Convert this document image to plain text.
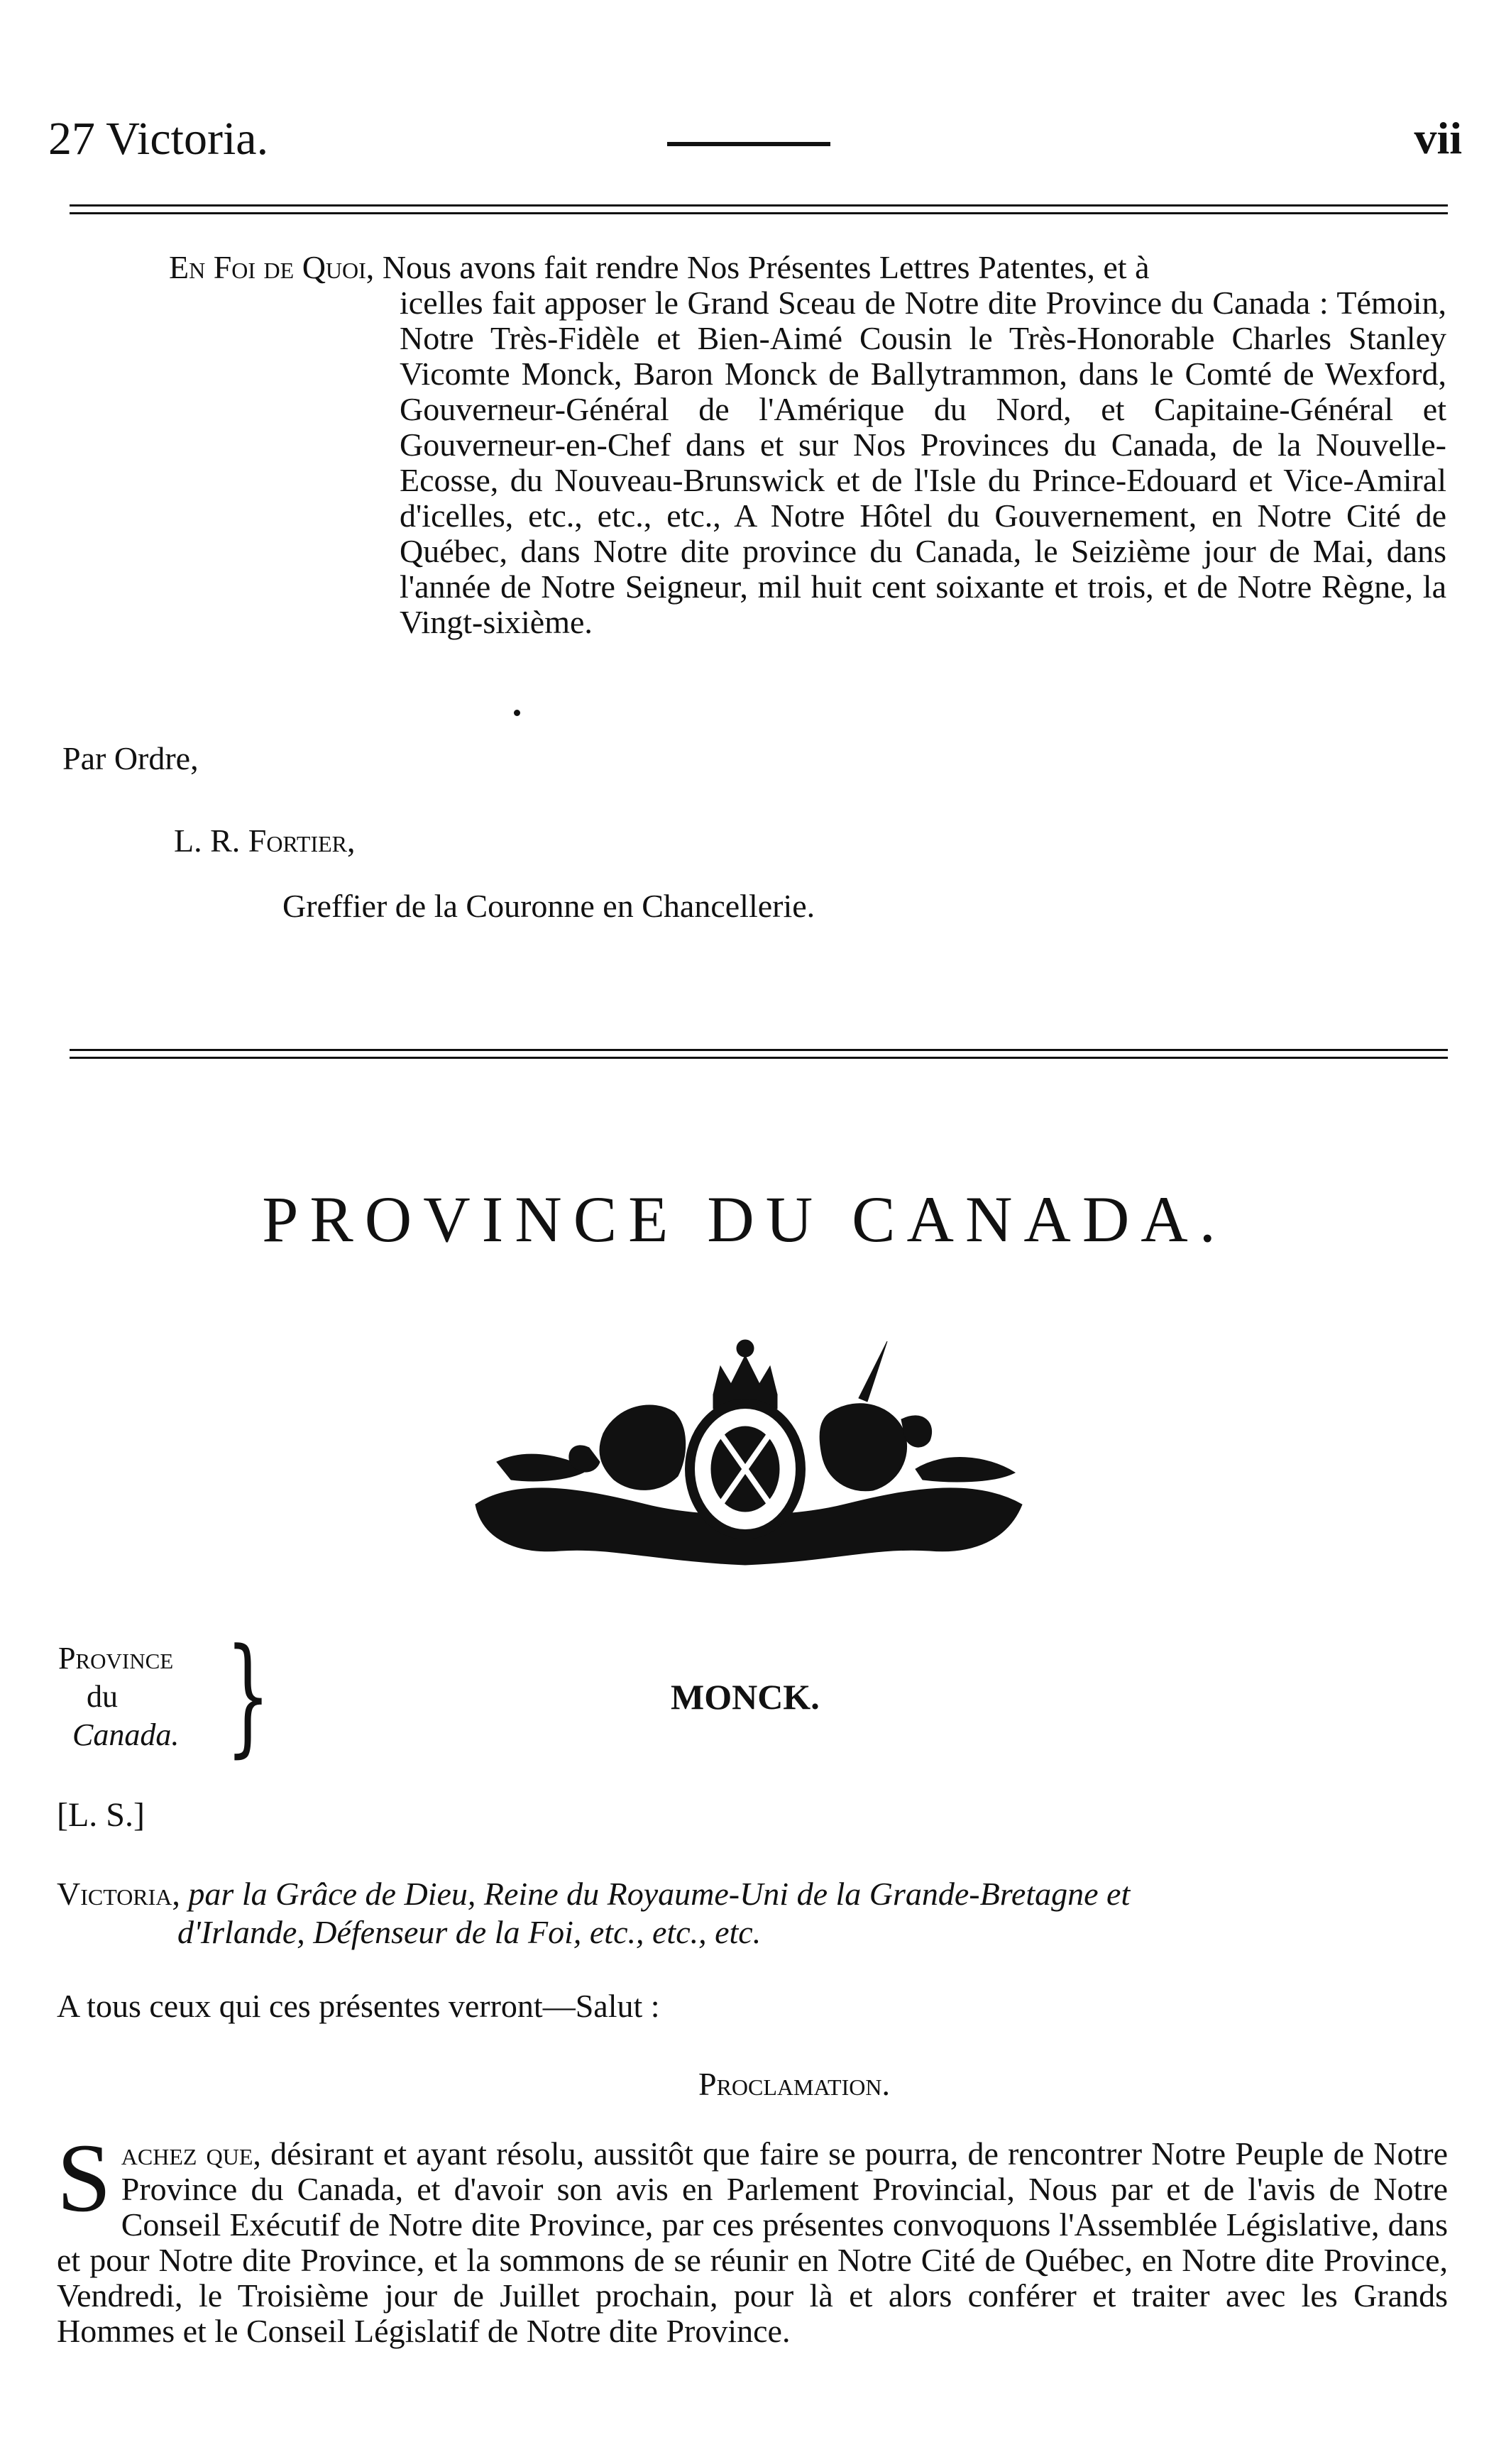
27 Victoria.	vii
En Foi de Quoi, Nous avons fait rendre Nos Présentes Lettres Patentes, et à
icelles fait apposer le Grand Sceau de Notre dite Province du Canada : Témoin, Notre Très-Fidèle et Bien-Aimé Cousin le Très-Honorable Charles Stanley Vicomte Monck, Baron Monck de Ballytrammon, dans le Comté de Wexford, Gouverneur-Général de l'Amérique du Nord, et Capitaine-Général et Gouverneur-en-Chef dans et sur Nos Provinces du Canada, de la Nouvelle-Ecosse, du Nouveau-Brunswick et de l'Isle du Prince-Edouard et Vice-Amiral d'icelles, etc., etc., etc., A Notre Hôtel du Gouvernement, en Notre Cité de Québec, dans Notre dite province du Canada, le Seizième jour de Mai, dans l'année de Notre Seigneur, mil huit cent soixante et trois, et de Notre Règne, la Vingt-sixième.
Par Ordre,
L. R. Fortier,
Greffier de la Couronne en Chancellerie.
PROVINCE DU CANADA.
Province
du
Canada. }	MONCK.
[L. S.]
Victoria, par la Grâce de Dieu, Reine du Royaume-Uni de la Grande-Bretagne et
d'Irlande, Défenseur de la Foi, etc., etc., etc.
A tous ceux qui ces présentes verront—Salut :
Proclamation.
Sachez que, désirant et ayant résolu, aussitôt que faire se pourra, de rencontrer Notre Peuple de Notre Province du Canada, et d'avoir son avis en Parlement Provincial, Nous par et de l'avis de Notre Conseil Exécutif de Notre dite Province, par ces présentes convoquons l'Assemblée Législative, dans et pour Notre dite Province, et la sommons de se réunir en Notre Cité de Québec, en Notre dite Province, Vendredi, le Troisième jour de Juillet prochain, pour là et alors conférer et traiter avec les Grands Hommes et le Conseil Législatif de Notre dite Province.
